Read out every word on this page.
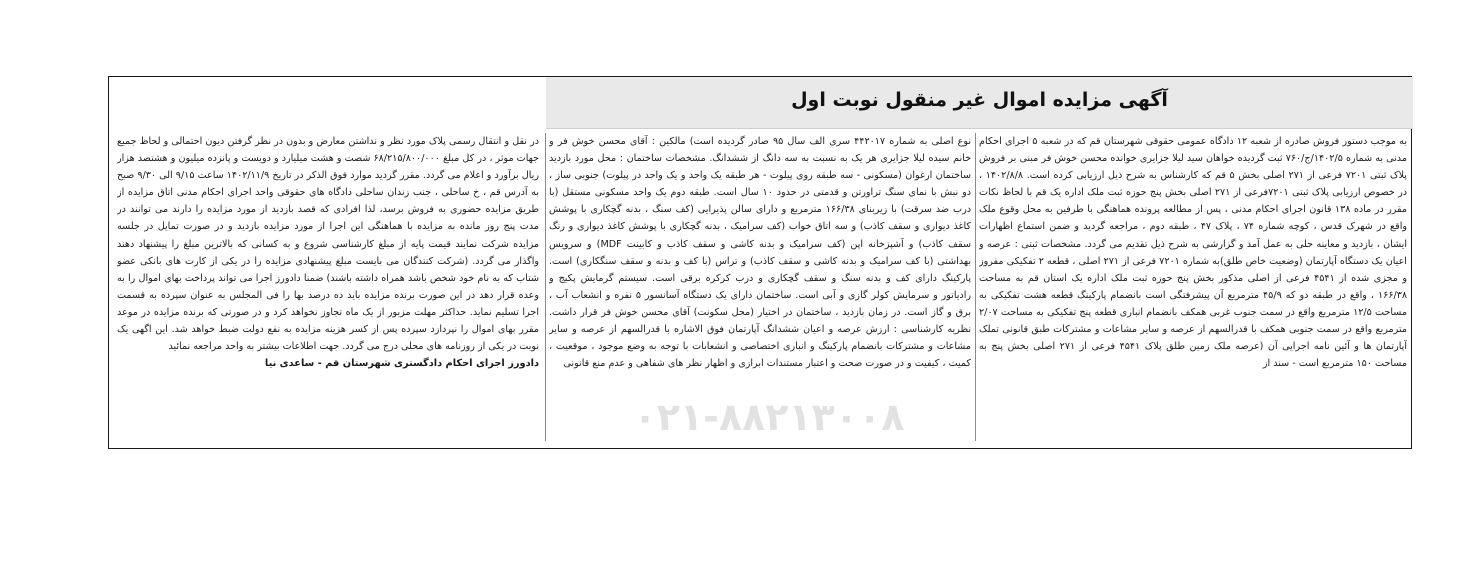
آگهی مزایده اموال غیر منقول نوبت اول
به موجب دستور فروش صادره از شعبه ۱۲ دادگاه عمومی حقوقی شهرستان قم که در شعبه ۵ اجرای احکام مدنی به شماره ۱۴۰۲/۵/ج/۷۶۰ ثبت گردیده خواهان سید لیلا جزایری خوانده محسن خوش فر مبنی بر فروش پلاک ثبتی ۷۲۰۱ فرعی از ۲۷۱ اصلی بخش ۵ قم که کارشناس به شرح ذیل ارزیابی کرده است. ۱۴۰۲/۸/۸ ، در خصوص ارزیابی پلاک ثبتی ۷۲۰۱فرعی از ۲۷۱ اصلی بخش پنج حوزه ثبت ملک اداره یک قم با لحاظ نکات مقرر در ماده ۱۳۸ قانون اجرای احکام مدنی ، پس از مطالعه پرونده هماهنگی با طرفین به محل وقوع ملک واقع در شهرک قدس ، کوچه شماره ۷۴ ، پلاک ۴۷ ، طبقه دوم ، مراجعه گردید و ضمن استماع اظهارات ایشان ، بازدید و معاینه حلی به عمل آمد و گزارشی به شرح ذیل تقدیم می گردد. مشخصات ثبتی : عرصه و اعیان یک دستگاه آپارتمان (وضعیت خاص طلق)به شماره ۷۲۰۱ فرعی از ۲۷۱ اصلی ، قطعه ۲ تفکیکی مفروز و مجزی شده از ۴۵۴۱ فرعی از اصلی مذکور بخش پنج حوزه ثبت ملک اداره یک استان قم به مساحت ۱۶۶/۳۸ ، واقع در طبقه دو که ۴۵/۹ مترمربع آن پیشرفتگی است بانضمام پارکینگ قطعه هشت تفکیکی به مساحت ۱۲/۵ مترمربع واقع در سمت جنوب غربی همکف بانضمام انباری قطعه پنج تفکیکی به مساحت ۲/۰۷ مترمربع واقع در سمت جنوبی همکف با قدرالسهم از عرصه و سایر مشاعات و مشترکات طبق قانونی تملک آپارتمان ها و آئین نامه اجرایی آن (عرصه ملک زمین طلق پلاک ۴۵۴۱ فرعی از ۲۷۱ اصلی بخش پنج به مساحت ۱۵۰ مترمربع است - سند از
نوع اصلی به شماره ۴۴۲۰۱۷ سری الف سال ۹۵ صادر گردیده است) مالکین : آقای محسن خوش فر و خانم سیده لیلا جزایری هر یک به نسبت به سه دانگ از ششدانگ. مشخصات ساختمان : محل مورد بازدید ساختمان ارغوان (مسکونی - سه طبقه روی پیلوت - هر طبقه یک واحد و یک واحد در پیلوت) جنوبی ساز ، دو نبش با نمای سنگ تراورتن و قدمتی در حدود ۱۰ سال است. طبقه دوم یک واحد مسکونی مستقل (با درب ضد سرقت) با زیربنای ۱۶۶/۳۸ مترمربع و دارای سالن پذیرایی (کف سنگ ، بدنه گچکاری با پوشش کاغذ دیواری و سقف کاذب) و سه اتاق خواب (کف سرامیک ، بدنه گچکاری با پوشش کاغذ دیواری و رنگ سقف کاذب) و آشپزخانه اپن (کف سرامیک و بدنه کاشی و سقف کاذب و کابینت MDF) و سرویس بهداشتی (با کف سرامیک و بدنه کاشی و سقف کاذب) و تراس (با کف و بدنه و سقف سنگکاری) است. پارکینگ دارای کف و بدنه سنگ و سقف گچکاری و درب کرکره برقی است. سیستم گرمایش پکیج و رادیاتور و سرمایش کولر گازی و آبی است. ساختمان دارای یک دستگاه آسانسور ۵ نفره و انشعاب آب ، برق و گاز است. در زمان بازدید ، ساختمان در اختیار (محل سکونت) آقای محسن خوش فر قرار داشت. نظریه کارشناسی : ارزش عرصه و اعیان ششدانگ آپارتمان فوق الاشاره با قدرالسهم از عرصه و سایر مشاعات و مشترکات بانضمام پارکینگ و انباری اختصاصی و انشعابات با توجه به وضع موجود ، موقعیت ، کمیت ، کیفیت و در صورت صحت و اعتبار مستندات ابرازی و اظهار نظر های شفاهی و عدم منع قانونی
در نقل و انتقال رسمی پلاک مورد نظر و نداشتن معارض و بدون در نظر گرفتن دیون احتمالی و لحاظ جمیع جهات موثر ، در کل مبلغ ۶۸/۲۱۵/۸۰۰/۰۰۰ شصت و هشت میلیارد و دویست و پانزده میلیون و هشتصد هزار ریال برآورد و اعلام می گردد. مقرر گردید موارد فوق الذکر در تاریخ ۱۴۰۲/۱۱/۹ ساعت ۹/۱۵ الی ۹/۳۰ صبح به آدرس قم ، خ ساحلی ، جنب زندان ساحلی دادگاه های حقوقی واحد اجرای احکام مدنی اتاق مزایده از طریق مزایده حضوری به فروش برسد، لذا افرادی که قصد بازدید از مورد مزایده را دارند می توانند در مدت پنج روز مانده به مزایده با هماهنگی این اجرا از مورد مزایده بازدید و در صورت تمایل در جلسه مزایده شرکت نمایند قیمت پایه از مبلغ کارشناسی شروع و به کسانی که بالاترین مبلغ را پیشنهاد دهند واگذار می گردد. (شرکت کنندگان می بایست مبلغ پیشنهادی مزایده را در یکی از کارت های بانکی عضو شتاب که به نام خود شخص باشد همراه داشته باشند) ضمنا دادورز اجرا می تواند پرداخت بهای اموال را به وعده قرار دهد در این صورت برنده مزایده باید ده درصد بها را فی المجلس به عنوان سپرده به قسمت اجرا تسلیم نماید. حداکثر مهلت مزبور از یک ماه تجاوز نخواهد کرد و در صورتی که برنده مزایده در موعد مقرر بهای اموال را نپردازد سپرده پس از کسر هزینه مزایده به نفع دولت ضبط خواهد شد. این اگهی یک نوبت در یکی از روزنامه های محلی درج می گردد. جهت اطلاعات بیشتر به واحد مراجعه نمائید
دادورز اجرای احکام دادگستری شهرستان قم - ساعدی نیا
۰۲۱-۸۸۲۱۳۰۰۸
